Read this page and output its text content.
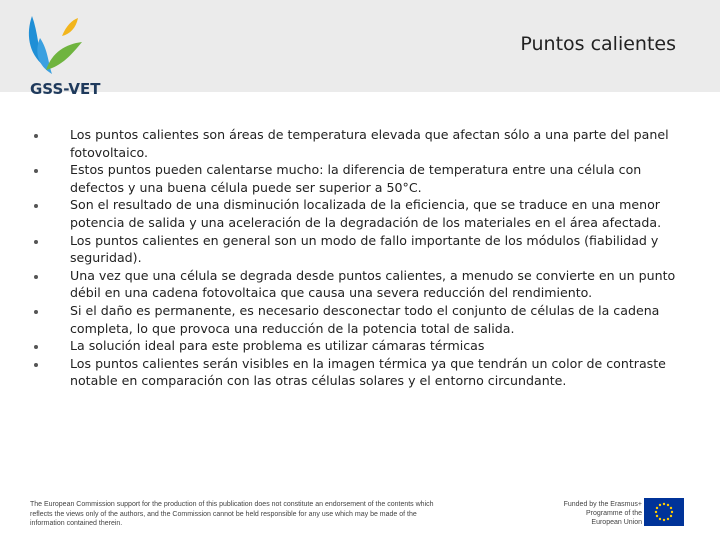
GSS-VET
Puntos calientes
Los puntos calientes son áreas de temperatura elevada que afectan sólo a una parte del panel fotovoltaico.
Estos puntos pueden calentarse mucho: la diferencia de temperatura entre una célula con defectos y una buena célula puede ser superior a 50°C.
Son el resultado de una disminución localizada de la eficiencia, que se traduce en una menor potencia de salida y una aceleración de la degradación de los materiales en el área afectada.
Los puntos calientes en general son un modo de fallo importante de los módulos (fiabilidad y seguridad).
Una vez que una célula se degrada desde puntos calientes, a menudo se convierte en un punto débil en una cadena fotovoltaica que causa una severa reducción del rendimiento.
Si el daño es permanente, es necesario desconectar todo el conjunto de células de la cadena completa, lo que provoca una reducción de la potencia total de salida.
La solución ideal para este problema es utilizar cámaras térmicas
Los puntos calientes serán visibles en la imagen térmica ya que tendrán un color de contraste notable en comparación con las otras células solares y el entorno circundante.
The European Commission support for the production of this publication does not constitute an endorsement of the contents which reflects the views only of the authors, and the Commission cannot be held responsible for any use which may be made of the information contained therein.
Funded by the Erasmus+ Programme of the European Union
